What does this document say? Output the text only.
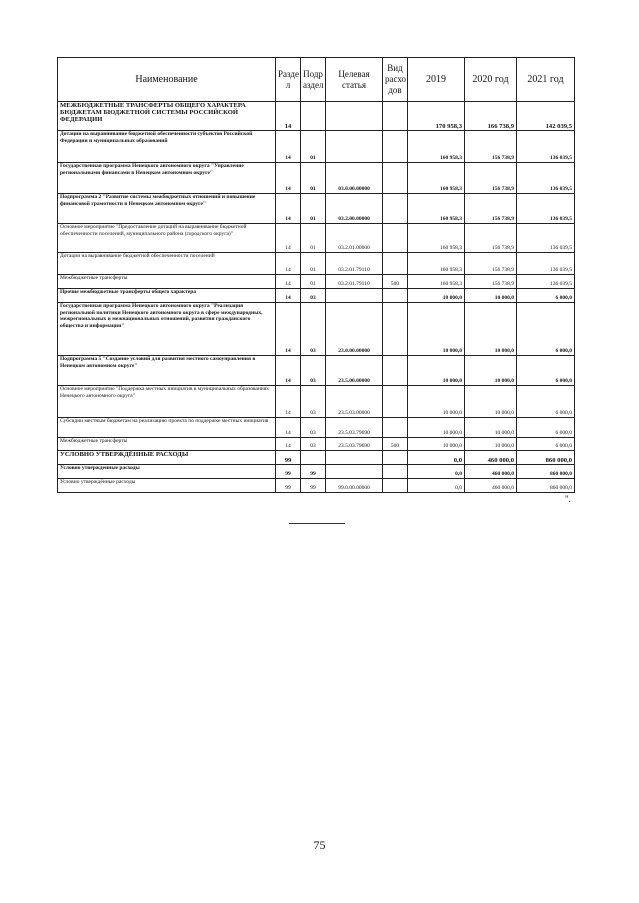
Наименование	Разде л	Подр аздел	Целевая статья	Вид расхо дов	2019	2020 год	2021 год
МЕЖБЮДЖЕТНЫЕ ТРАНСФЕРТЫ ОБЩЕГО ХАРАКТЕРА БЮДЖЕТАМ БЮДЖЕТНОЙ СИСТЕМЫ РОССИЙСКОЙ ФЕДЕРАЦИИ	14				170 958,3	166 738,9	142 039,5
Дотации на выравнивание бюджетной обеспеченности субъектов Российской Федерации и муниципальных образований	14	01			160 958,3	156 738,9	136 039,5
Государственная программа Ненецкого автономного округа "Управление региональными финансами в Ненецком автономном округе"	14	01	03.0.00.00000		160 958,3	156 738,9	136 039,5
Подпрограмма 2 "Развитие системы межбюджетных отношений и повышение финансовой грамотности в Ненецком автономном округе"	14	01	03.2.00.00000		160 958,3	156 738,9	136 039,5
Основное мероприятие "Предоставление дотаций на выравнивание бюджетной обеспеченности поселений, муниципального района (городского округа)"	14	01	03.2.01.00000		160 958,3	156 738,9	136 039,5
Дотации на выравнивание бюджетной обеспеченности поселений	14	01	03.2.01.79110		160 958,3	156 738,9	136 039,5
Межбюджетные трансферты	14	01	03.2.01.79110	500	160 958,3	156 738,9	136 039,5
Прочие межбюджетные трансферты общего характера	14	03			10 000,0	10 000,0	6 000,0
Государственная программа Ненецкого автономного округа "Реализация региональной политики Ненецкого автономного округа в сфере международных, межрегиональных и межнациональных отношений, развития гражданского общества и информации"	14	03	23.0.00.00000		10 000,0	10 000,0	6 000,0
Подпрограмма 5 "Создание условий для развития местного самоуправления в Ненецком автономном округе"	14	03	23.5.00.00000		10 000,0	10 000,0	6 000,0
Основное мероприятие "Поддержка местных инициатив в муниципальных образованиях Ненецкого автономного округа"	14	03	23.5.03.00000		10 000,0	10 000,0	6 000,0
Субсидии местным бюджетам на реализацию проекта по поддержке местных инициатив	14	03	23.5.03.79690		10 000,0	10 000,0	6 000,0
Межбюджетные трансферты	14	03	23.5.03.79690	500	10 000,0	10 000,0	6 000,0
УСЛОВНО УТВЕРЖДЁННЫЕ РАСХОДЫ	99				0,0	460 000,0	860 000,0
Условно утвержденные расходы	99	99			0,0	460 000,0	860 000,0
Условно утверждённые расходы	99	99	99.0.00.00000		0,0	460 000,0	860 000,0
".
75
